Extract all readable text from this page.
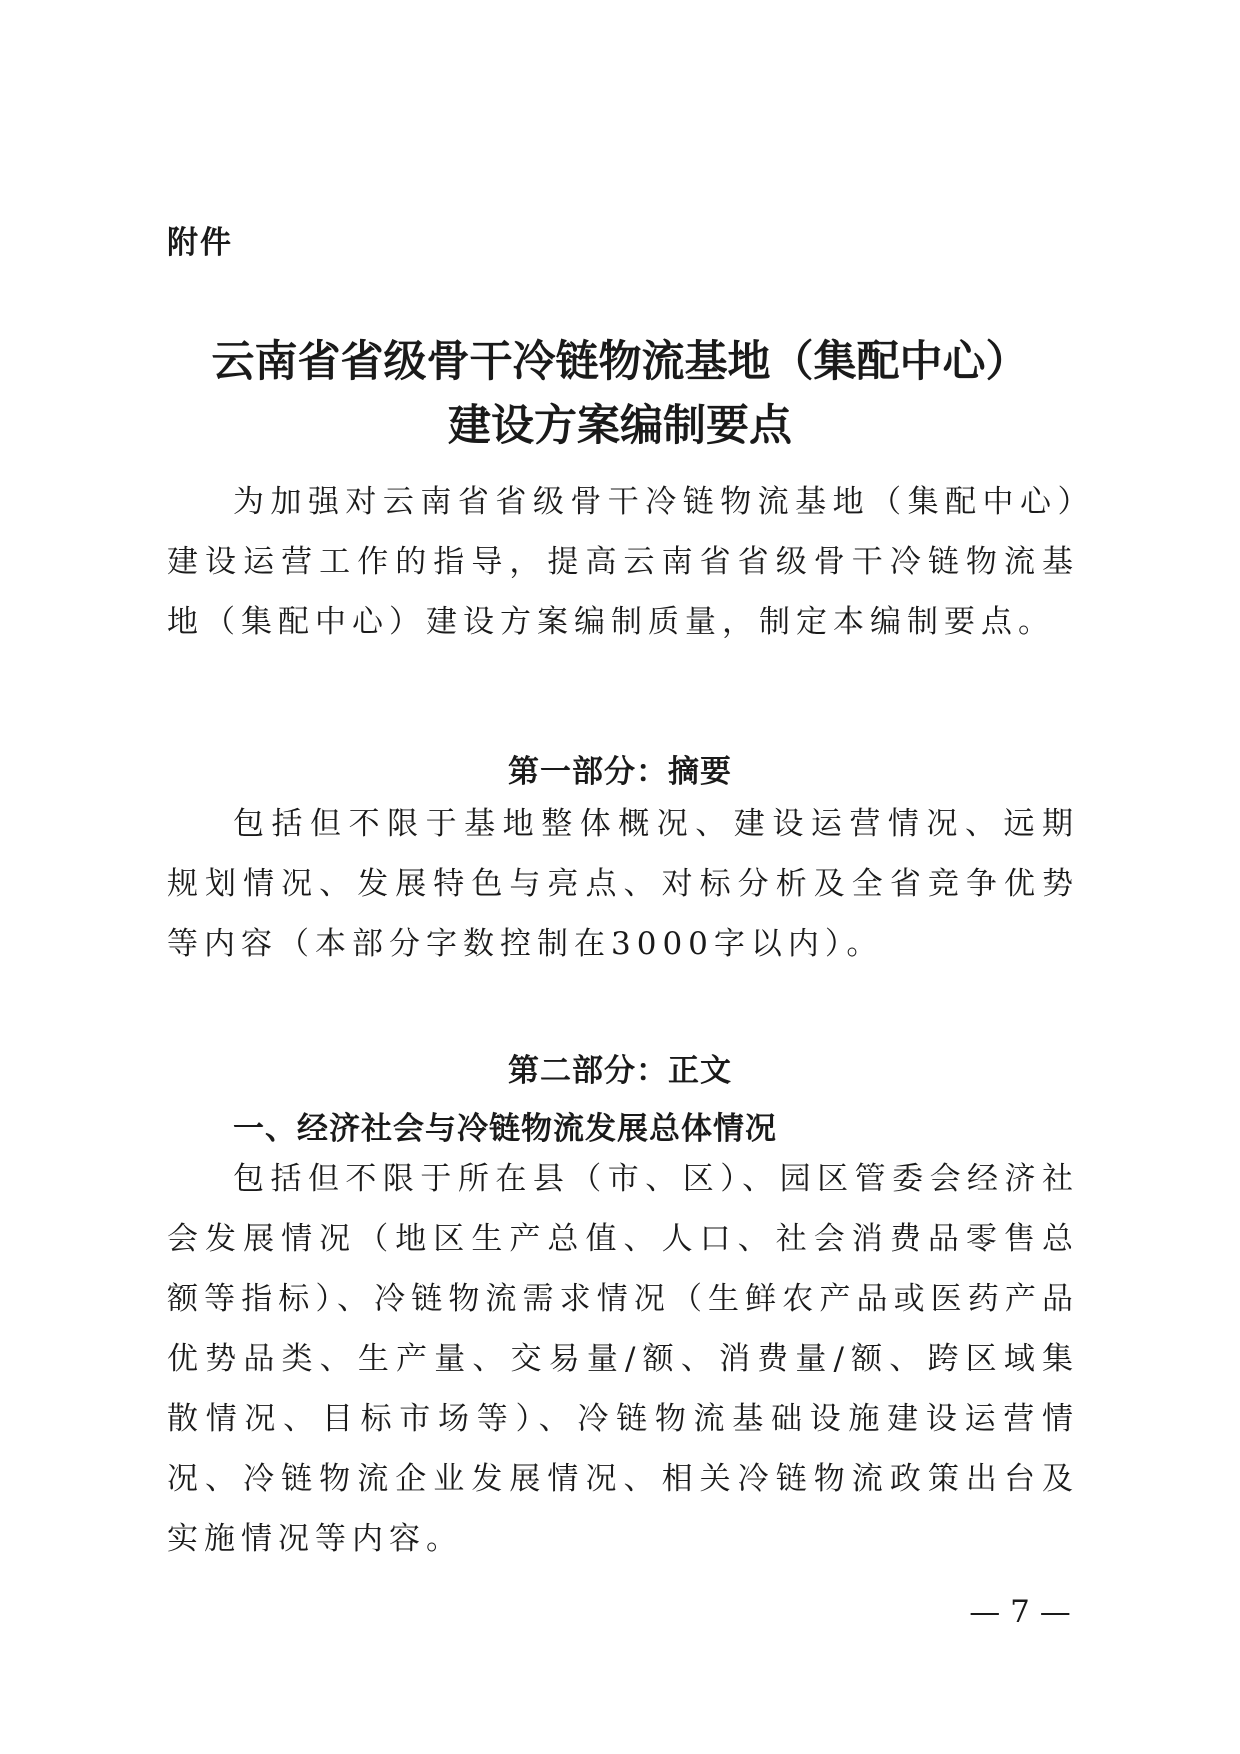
附件
云南省省级骨干冷链物流基地（集配中心）
建设方案编制要点
为加强对云南省省级骨干冷链物流基地（集配中心）建设运营工作的指导，提高云南省省级骨干冷链物流基地（集配中心）建设方案编制质量，制定本编制要点。
第一部分：摘要
包括但不限于基地整体概况、建设运营情况、远期规划情况、发展特色与亮点、对标分析及全省竞争优势等内容（本部分字数控制在3000字以内）。
第二部分：正文
一、经济社会与冷链物流发展总体情况
包括但不限于所在县（市、区）、园区管委会经济社会发展情况（地区生产总值、人口、社会消费品零售总额等指标）、冷链物流需求情况（生鲜农产品或医药产品优势品类、生产量、交易量/额、消费量/额、跨区域集散情况、目标市场等）、冷链物流基础设施建设运营情况、冷链物流企业发展情况、相关冷链物流政策出台及实施情况等内容。
— 7 —
